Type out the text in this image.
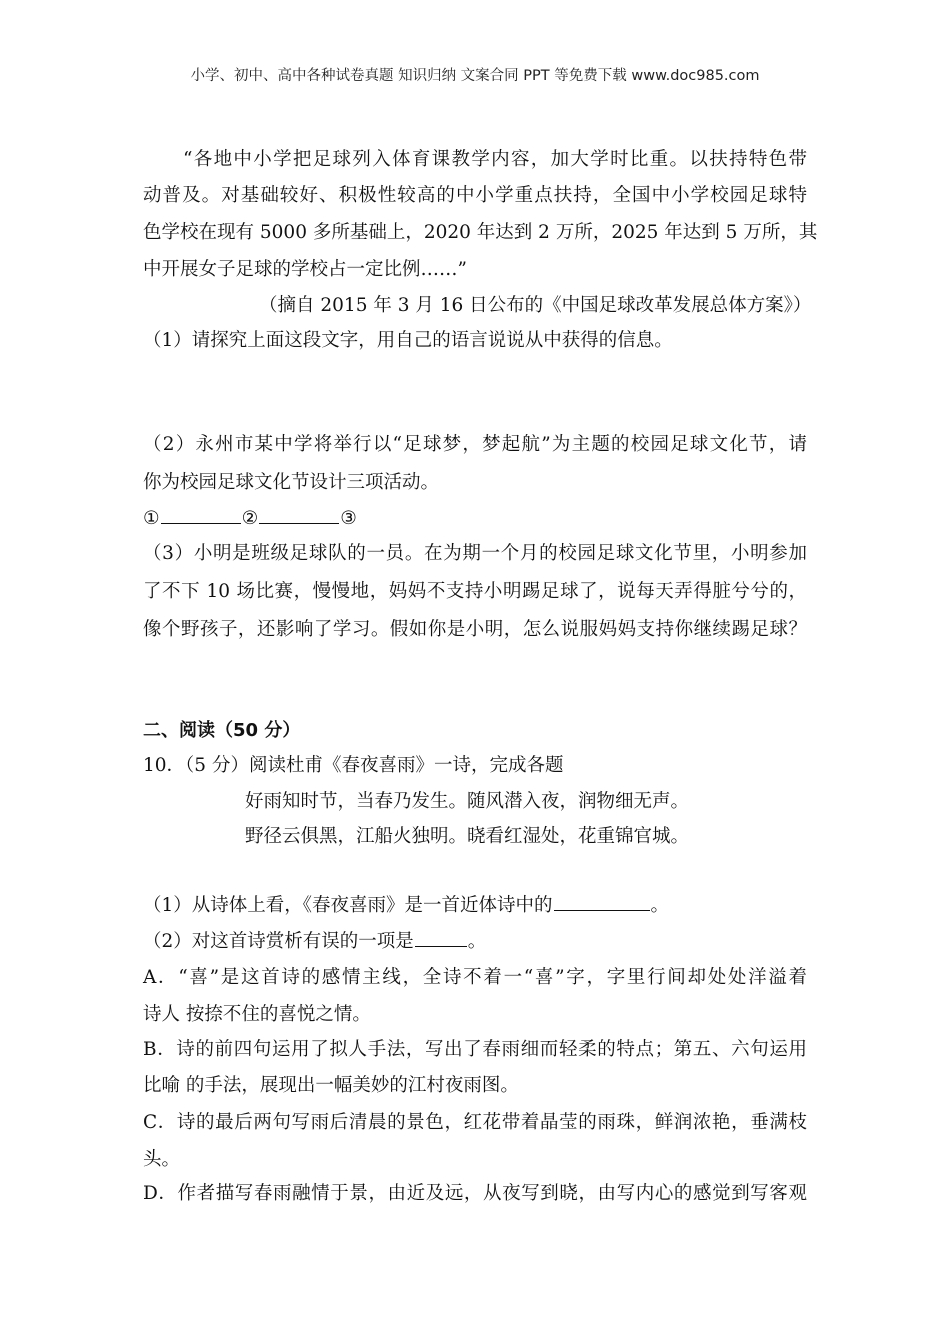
小学、初中、高中各种试卷真题 知识归纳 文案合同 PPT 等免费下载 www.doc985.com
“各地中小学把足球列入体育课教学内容，加大学时比重。以扶持特色带
动普及。对基础较好、积极性较高的中小学重点扶持，全国中小学校园足球特
色学校在现有 5000 多所基础上，2020 年达到 2 万所，2025 年达到 5 万所，其
中开展女子足球的学校占一定比例……”
（摘自 2015 年 3 月 16 日公布的《中国足球改革发展总体方案》）
（1）请探究上面这段文字，用自己的语言说说从中获得的信息。
（2）永州市某中学将举行以“足球梦，梦起航”为主题的校园足球文化节，请
你为校园足球文化节设计三项活动。
①	②	③
（3）小明是班级足球队的一员。在为期一个月的校园足球文化节里，小明参加
了不下 10 场比赛，慢慢地，妈妈不支持小明踢足球了，说每天弄得脏兮兮的，
像个野孩子，还影响了学习。假如你是小明，怎么说服妈妈支持你继续踢足球？
二、阅读（50 分）
10．（5 分）阅读杜甫《春夜喜雨》一诗，完成各题
好雨知时节，当春乃发生。随风潜入夜，润物细无声。
野径云俱黑，江船火独明。晓看红湿处，花重锦官城。
（1）从诗体上看，《春夜喜雨》是一首近体诗中的	。
（2）对这首诗赏析有误的一项是	。
A．“喜”是这首诗的感情主线，全诗不着一“喜”字，字里行间却处处洋溢着
诗人 按捺不住的喜悦之情。
B．诗的前四句运用了拟人手法，写出了春雨细而轻柔的特点；第五、六句运用
比喻 的手法，展现出一幅美妙的江村夜雨图。
C．诗的最后两句写雨后清晨的景色，红花带着晶莹的雨珠，鲜润浓艳，垂满枝
头。
D．作者描写春雨融情于景，由近及远，从夜写到晓，由写内心的感觉到写客观
